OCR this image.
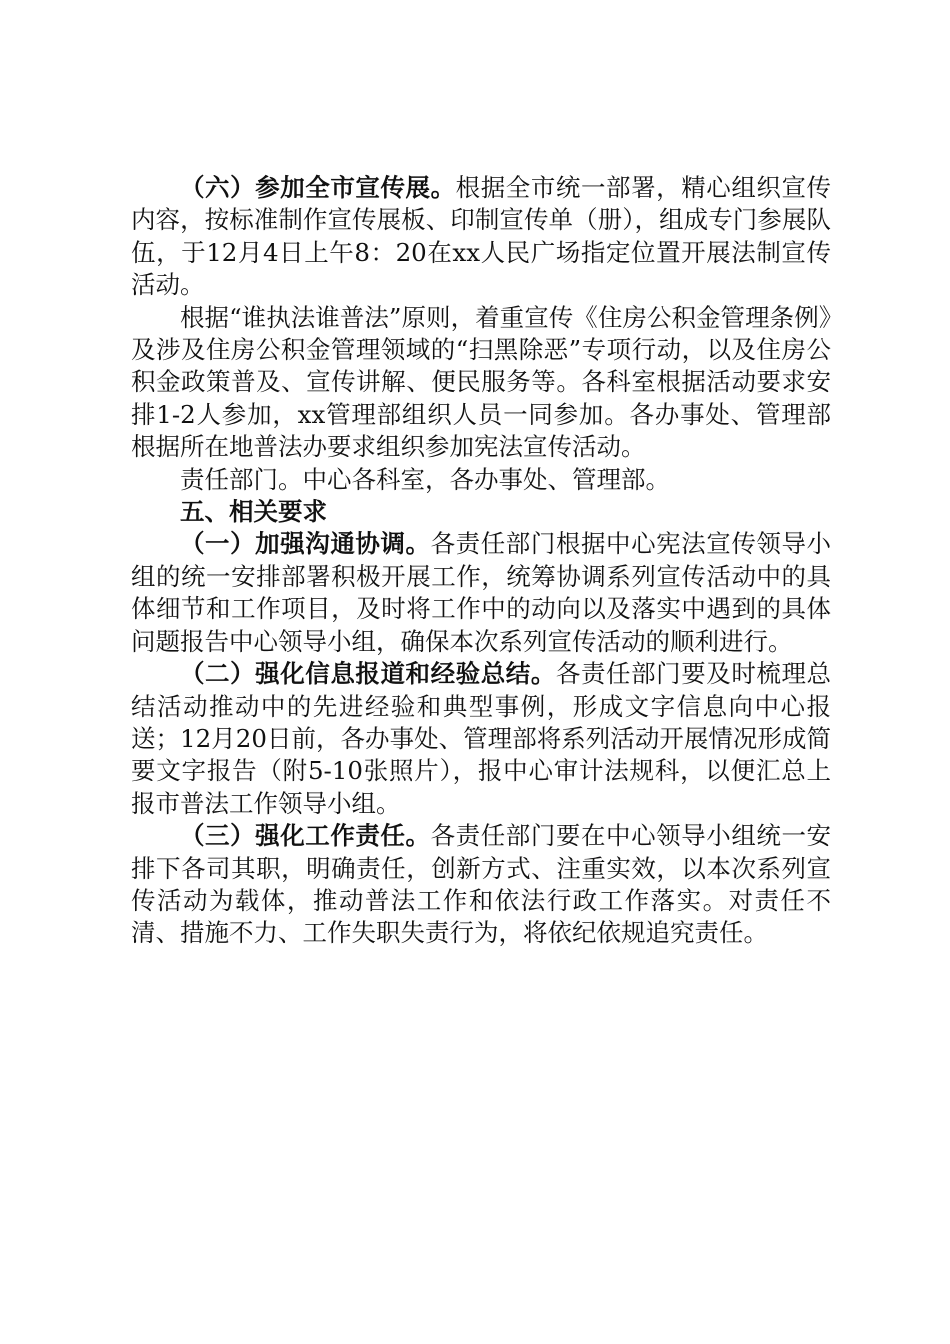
（六）参加全市宣传展。根据全市统一部署，精心组织宣传内容，按标准制作宣传展板、印制宣传单（册），组成专门参展队伍，于12月4日上午8：20在xx人民广场指定位置开展法制宣传活动。

根据“谁执法谁普法”原则，着重宣传《住房公积金管理条例》及涉及住房公积金管理领域的“扫黑除恶”专项行动，以及住房公积金政策普及、宣传讲解、便民服务等。各科室根据活动要求安排1-2人参加，xx管理部组织人员一同参加。各办事处、管理部根据所在地普法办要求组织参加宪法宣传活动。

责任部门。中心各科室，各办事处、管理部。

五、相关要求

（一）加强沟通协调。各责任部门根据中心宪法宣传领导小组的统一安排部署积极开展工作，统筹协调系列宣传活动中的具体细节和工作项目，及时将工作中的动向以及落实中遇到的具体问题报告中心领导小组，确保本次系列宣传活动的顺利进行。

（二）强化信息报道和经验总结。各责任部门要及时梳理总结活动推动中的先进经验和典型事例，形成文字信息向中心报送；12月20日前，各办事处、管理部将系列活动开展情况形成简要文字报告（附5-10张照片），报中心审计法规科，以便汇总上报市普法工作领导小组。

（三）强化工作责任。各责任部门要在中心领导小组统一安排下各司其职，明确责任，创新方式、注重实效，以本次系列宣传活动为载体，推动普法工作和依法行政工作落实。对责任不清、措施不力、工作失职失责行为，将依纪依规追究责任。
